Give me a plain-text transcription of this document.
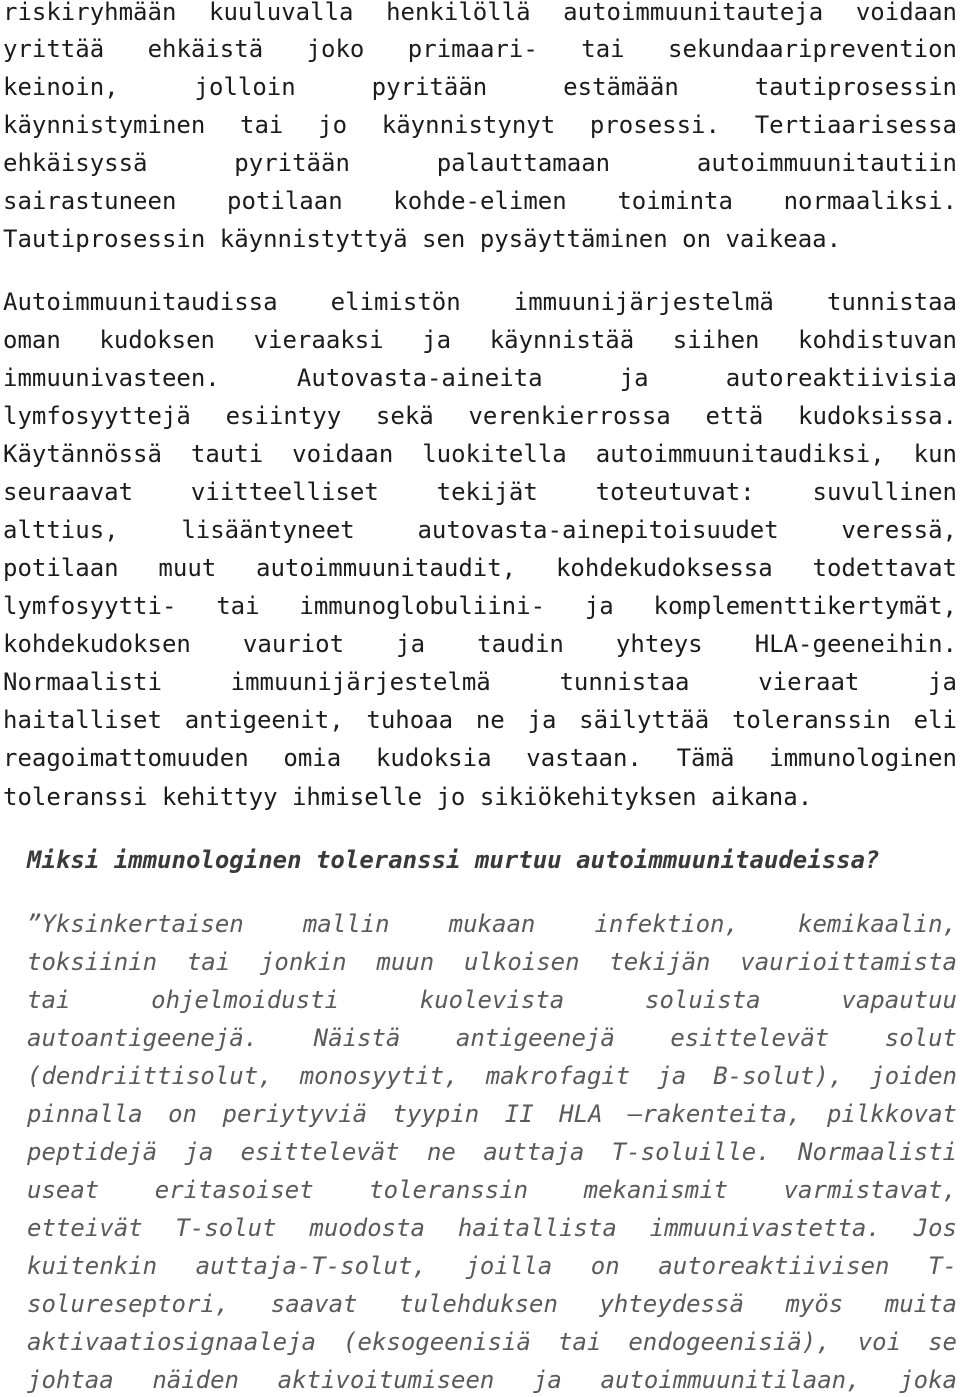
riskiryhmään kuuluvalla henkilöllä autoimmuunitauteja voidaan
yrittää ehkäistä joko primaari- tai sekundaariprevention
keinoin, jolloin pyritään estämään tautiprosessin
käynnistyminen tai jo käynnistynyt prosessi. Tertiaarisessa
ehkäisyssä pyritään palauttamaan autoimmuunitautiin
sairastuneen potilaan kohde-elimen toiminta normaaliksi.
Tautiprosessin käynnistyttyä sen pysäyttäminen on vaikeaa.
Autoimmuunitaudissa elimistön immuunijärjestelmä tunnistaa
oman kudoksen vieraaksi ja käynnistää siihen kohdistuvan
immuunivasteen. Autovasta-aineita ja autoreaktiivisia
lymfosyyttejä esiintyy sekä verenkierrossa että kudoksissa.
Käytännössä tauti voidaan luokitella autoimmuunitaudiksi, kun
seuraavat viitteelliset tekijät toteutuvat: suvullinen
alttius, lisääntyneet autovasta-ainepitoisuudet veressä,
potilaan muut autoimmuunitaudit, kohdekudoksessa todettavat
lymfosyytti- tai immunoglobuliini- ja komplementtikertymät,
kohdekudoksen vauriot ja taudin yhteys HLA-geeneihin.
Normaalisti immuunijärjestelmä tunnistaa vieraat ja
haitalliset antigeenit, tuhoaa ne ja säilyttää toleranssin eli
reagoimattomuuden omia kudoksia vastaan. Tämä immunologinen
toleranssi kehittyy ihmiselle jo sikiökehityksen aikana.
Miksi immunologinen toleranssi murtuu autoimmuunitaudeissa?
”Yksinkertaisen mallin mukaan infektion, kemikaalin,
toksiinin tai jonkin muun ulkoisen tekijän vaurioittamista
tai ohjelmoidusti kuolevista soluista vapautuu
autoantigeenejä. Näistä antigeenejä esittelevät solut
(dendriittisolut, monosyytit, makrofagit ja B-solut), joiden
pinnalla on periytyviä tyypin II HLA –rakenteita, pilkkovat
peptidejä ja esittelevät ne auttaja T-soluille. Normaalisti
useat eritasoiset toleranssin mekanismit varmistavat,
etteivät T-solut muodosta haitallista immuunivastetta. Jos
kuitenkin auttaja-T-solut, joilla on autoreaktiivisen T-
solureseptori, saavat tulehduksen yhteydessä myös muita
aktivaatiosignaaleja (eksogeenisiä tai endogeenisiä), voi se
johtaa näiden aktivoitumiseen ja autoimmuunitilaan, joka
